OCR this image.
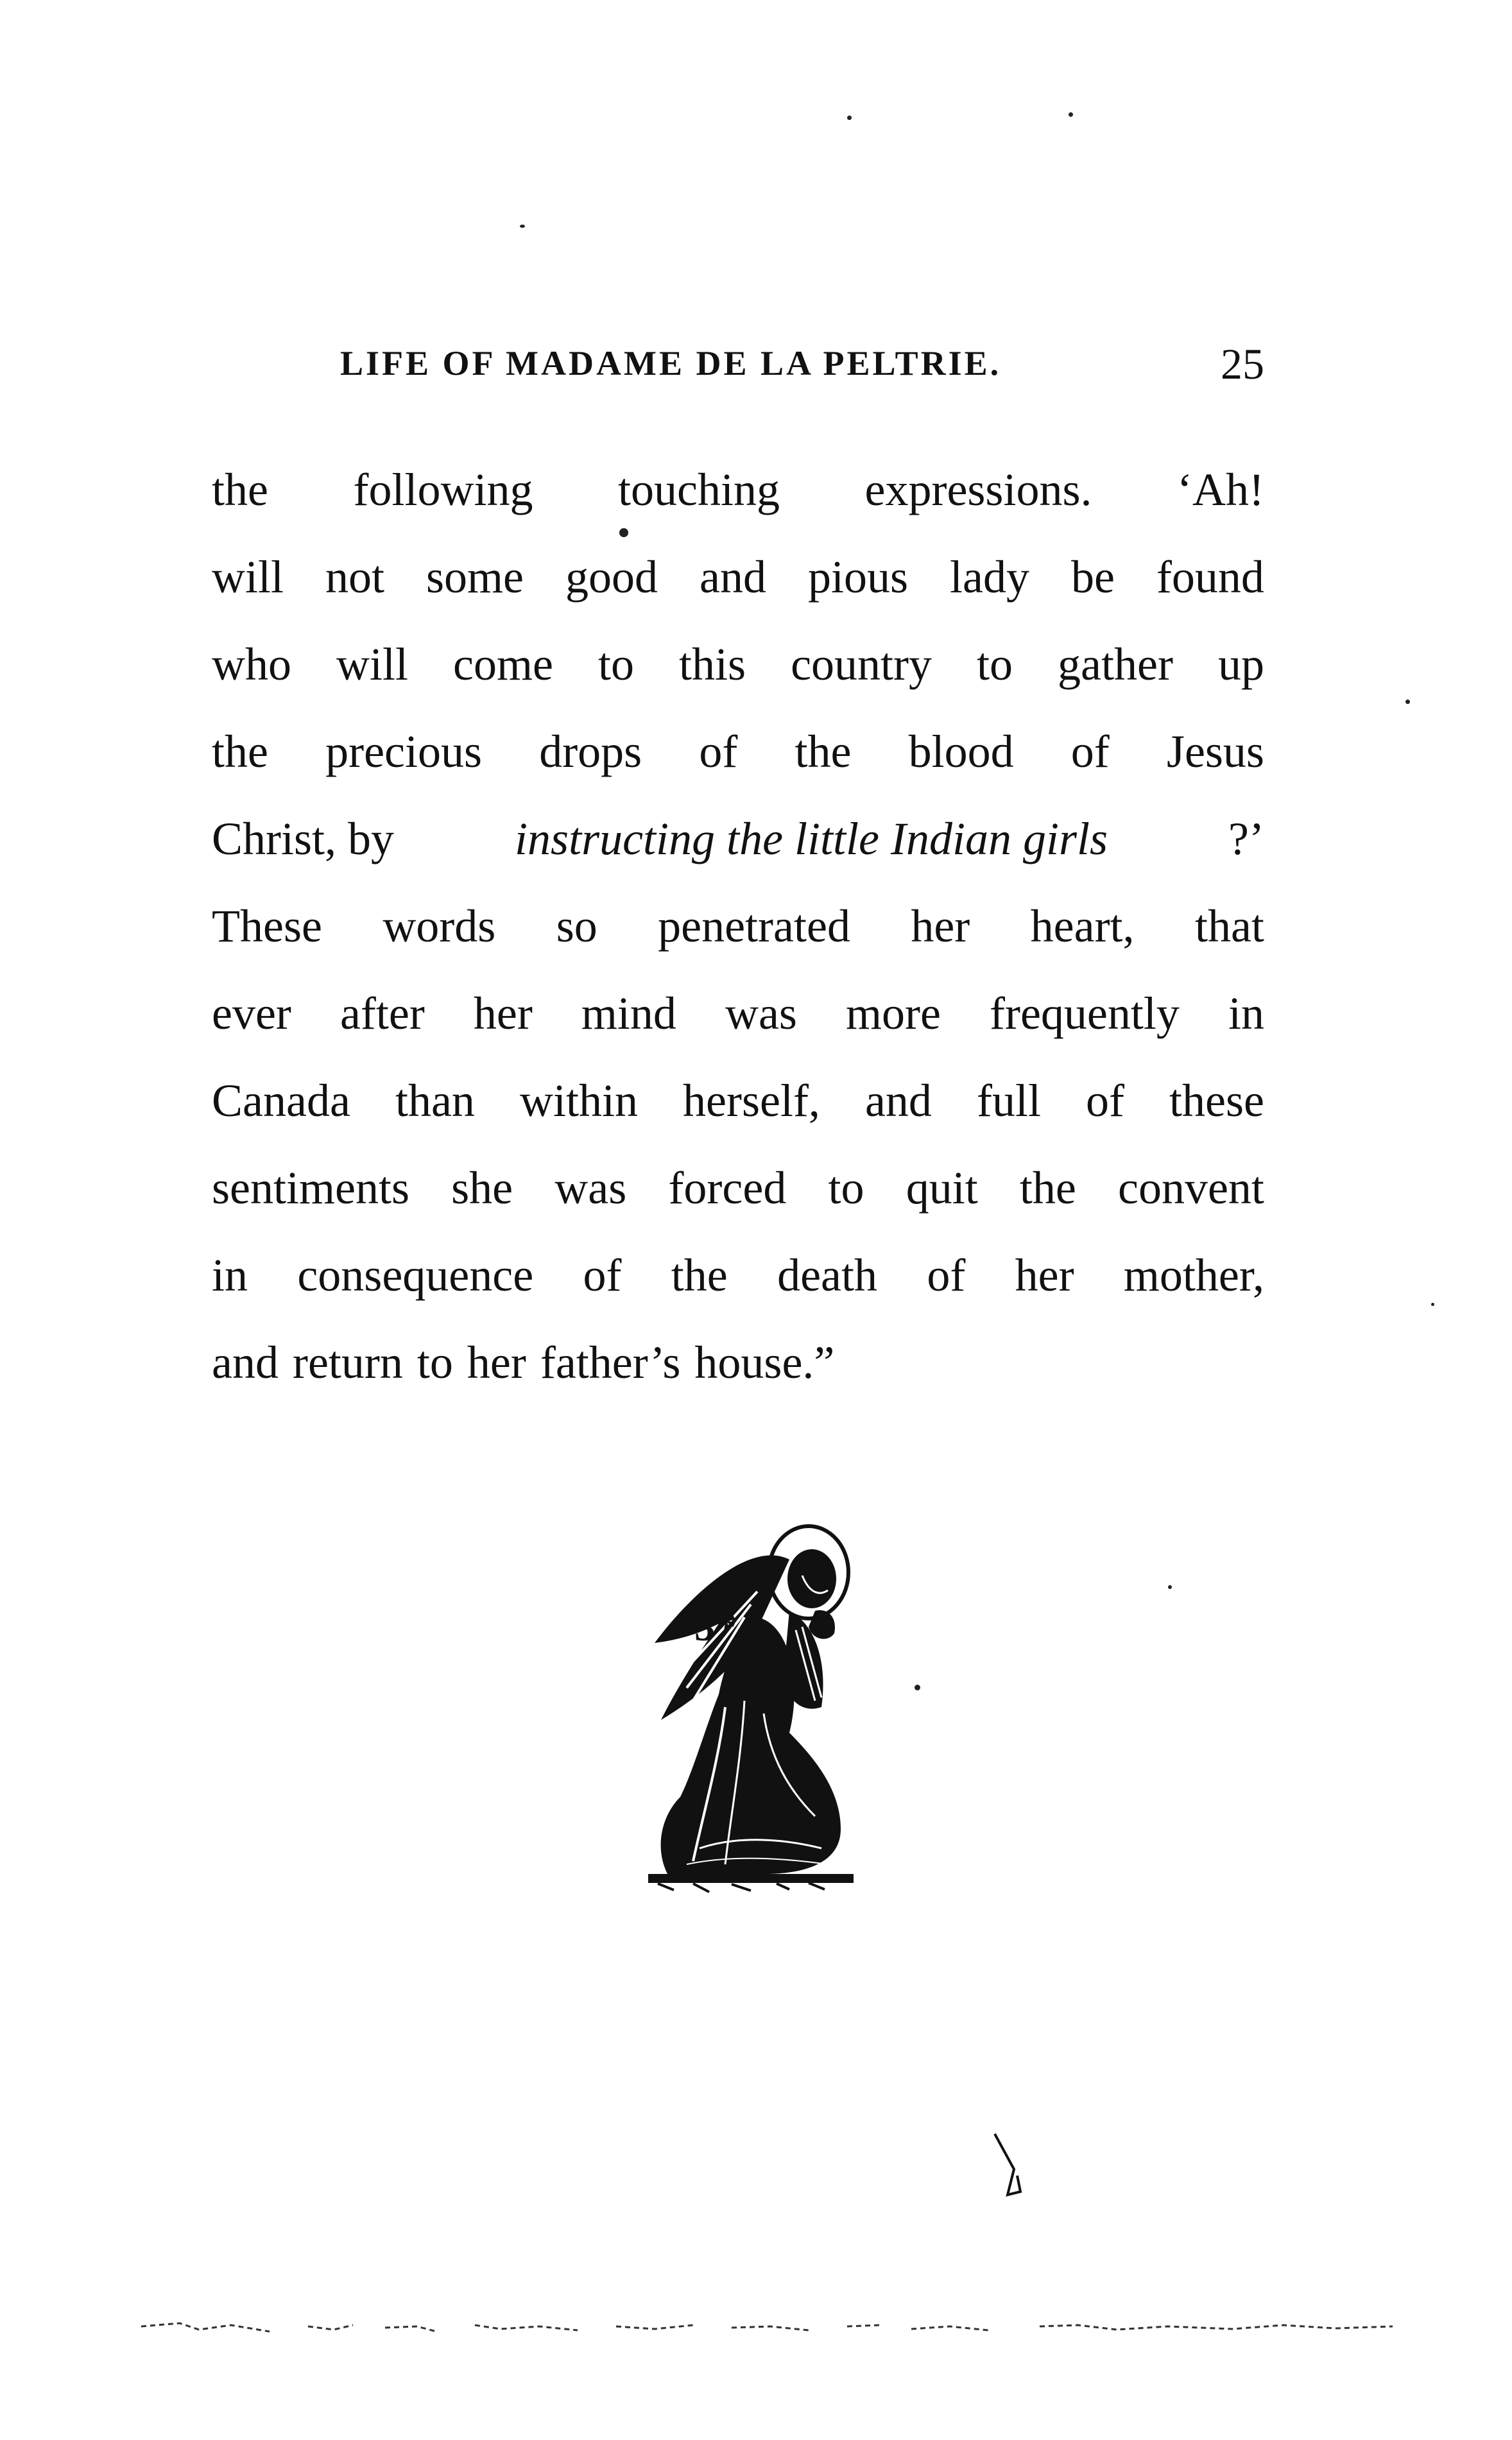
LIFE OF MADAME DE LA PELTRIE.	25
the following touching expressions. ‘Ah!
will not some good and pious lady be found
who will come to this country to gather up
the precious drops of the blood of Jesus
Christ, by	instructing the little Indian girls	?’
These words so penetrated her heart, that
ever after her mind was more frequently in
Canada than within herself, and full of these
sentiments she was forced to quit the convent
in consequence of the death of her mother,
and return to her father’s house.”
3*
